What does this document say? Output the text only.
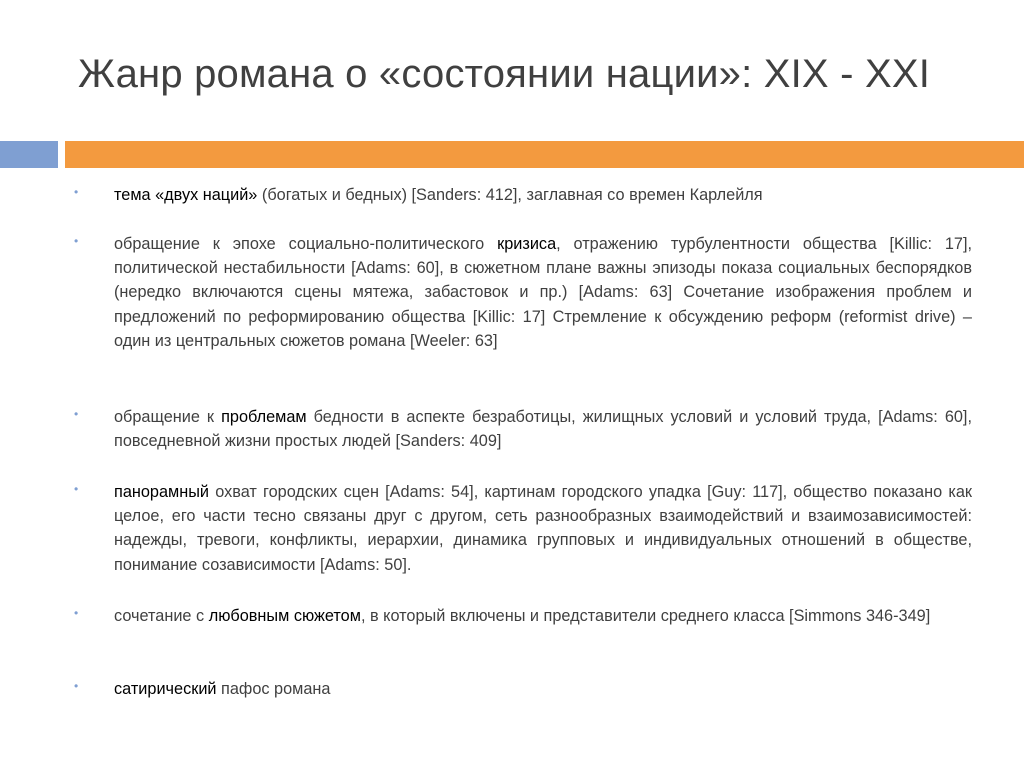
Жанр романа о «состоянии нации»: XIX - XXI
• тема «двух наций» (богатых и бедных) [Sanders: 412], заглавная со времен Карлейля
• обращение к эпохе социально-политического кризиса, отражению турбулентности общества [Killic: 17], политической нестабильности [Adams: 60], в сюжетном плане важны эпизоды показа социальных беспорядков (нередко включаются сцены мятежа, забастовок и пр.) [Adams: 63] Сочетание изображения проблем и предложений по реформированию общества [Killic: 17] Стремление к обсуждению реформ (reformist drive) – один из центральных сюжетов романа [Weeler: 63]
• обращение к проблемам бедности в аспекте безработицы, жилищных условий и условий труда, [Adams: 60], повседневной жизни простых людей [Sanders: 409]
• панорамный охват городских сцен [Adams: 54], картинам городского упадка [Guy: 117], общество показано как целое, его части тесно связаны друг с другом, сеть разнообразных взаимодействий и взаимозависимостей: надежды, тревоги, конфликты, иерархии, динамика групповых и индивидуальных отношений в обществе, понимание созависимости [Adams: 50].
• сочетание с любовным сюжетом, в который включены и представители среднего класса [Simmons 346-349]
• сатирический пафос романа
